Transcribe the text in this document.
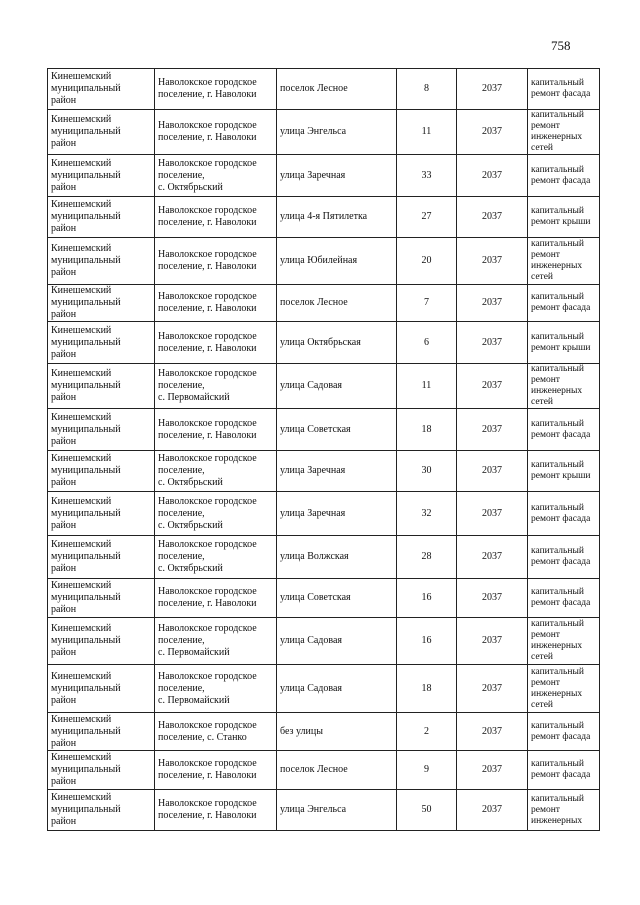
758
Кинешемский
муниципальный
район	Наволокское городское
поселение, г. Наволоки	поселок Лесное	8	2037	капитальный
ремонт фасада
Кинешемский
муниципальный
район	Наволокское городское
поселение, г. Наволоки	улица Энгельса	11	2037	капитальный
ремонт
инженерных
сетей
Кинешемский
муниципальный
район	Наволокское городское
поселение,
с. Октябрьский	улица Заречная	33	2037	капитальный
ремонт фасада
Кинешемский
муниципальный
район	Наволокское городское
поселение, г. Наволоки	улица 4-я Пятилетка	27	2037	капитальный
ремонт крыши
Кинешемский
муниципальный
район	Наволокское городское
поселение, г. Наволоки	улица Юбилейная	20	2037	капитальный
ремонт
инженерных
сетей
Кинешемский
муниципальный
район	Наволокское городское
поселение, г. Наволоки	поселок Лесное	7	2037	капитальный
ремонт фасада
Кинешемский
муниципальный
район	Наволокское городское
поселение, г. Наволоки	улица Октябрьская	6	2037	капитальный
ремонт крыши
Кинешемский
муниципальный
район	Наволокское городское
поселение,
с. Первомайский	улица Садовая	11	2037	капитальный
ремонт
инженерных
сетей
Кинешемский
муниципальный
район	Наволокское городское
поселение, г. Наволоки	улица Советская	18	2037	капитальный
ремонт фасада
Кинешемский
муниципальный
район	Наволокское городское
поселение,
с. Октябрьский	улица Заречная	30	2037	капитальный
ремонт крыши
Кинешемский
муниципальный
район	Наволокское городское
поселение,
с. Октябрьский	улица Заречная	32	2037	капитальный
ремонт фасада
Кинешемский
муниципальный
район	Наволокское городское
поселение,
с. Октябрьский	улица Волжская	28	2037	капитальный
ремонт фасада
Кинешемский
муниципальный
район	Наволокское городское
поселение, г. Наволоки	улица Советская	16	2037	капитальный
ремонт фасада
Кинешемский
муниципальный
район	Наволокское городское
поселение,
с. Первомайский	улица Садовая	16	2037	капитальный
ремонт
инженерных
сетей
Кинешемский
муниципальный
район	Наволокское городское
поселение,
с. Первомайский	улица Садовая	18	2037	капитальный
ремонт
инженерных
сетей
Кинешемский
муниципальный
район	Наволокское городское
поселение, с. Станко	без улицы	2	2037	капитальный
ремонт фасада
Кинешемский
муниципальный
район	Наволокское городское
поселение, г. Наволоки	поселок Лесное	9	2037	капитальный
ремонт фасада
Кинешемский
муниципальный
район	Наволокское городское
поселение, г. Наволоки	улица Энгельса	50	2037	капитальный
ремонт
инженерных
